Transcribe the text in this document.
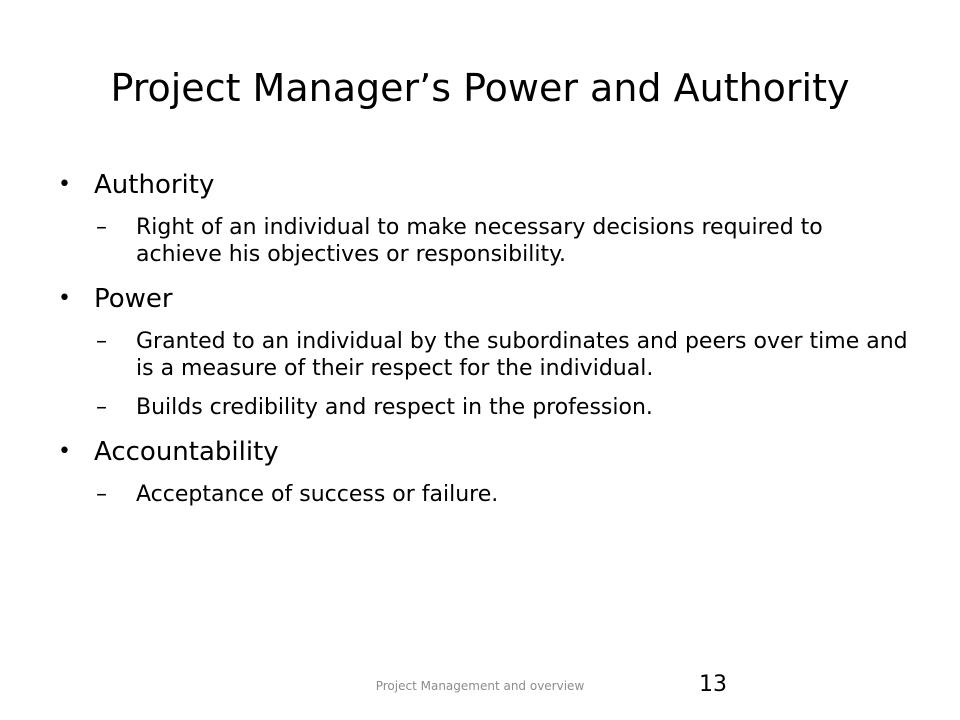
Project Manager’s Power and Authority
• Authority
– Right of an individual to make necessary decisions required to achieve his objectives or responsibility.
• Power
– Granted to an individual by the subordinates and peers over time and is a measure of their respect for the individual.
– Builds credibility and respect in the profession.
• Accountability
– Acceptance of success or failure.
Project Management and overview	13
